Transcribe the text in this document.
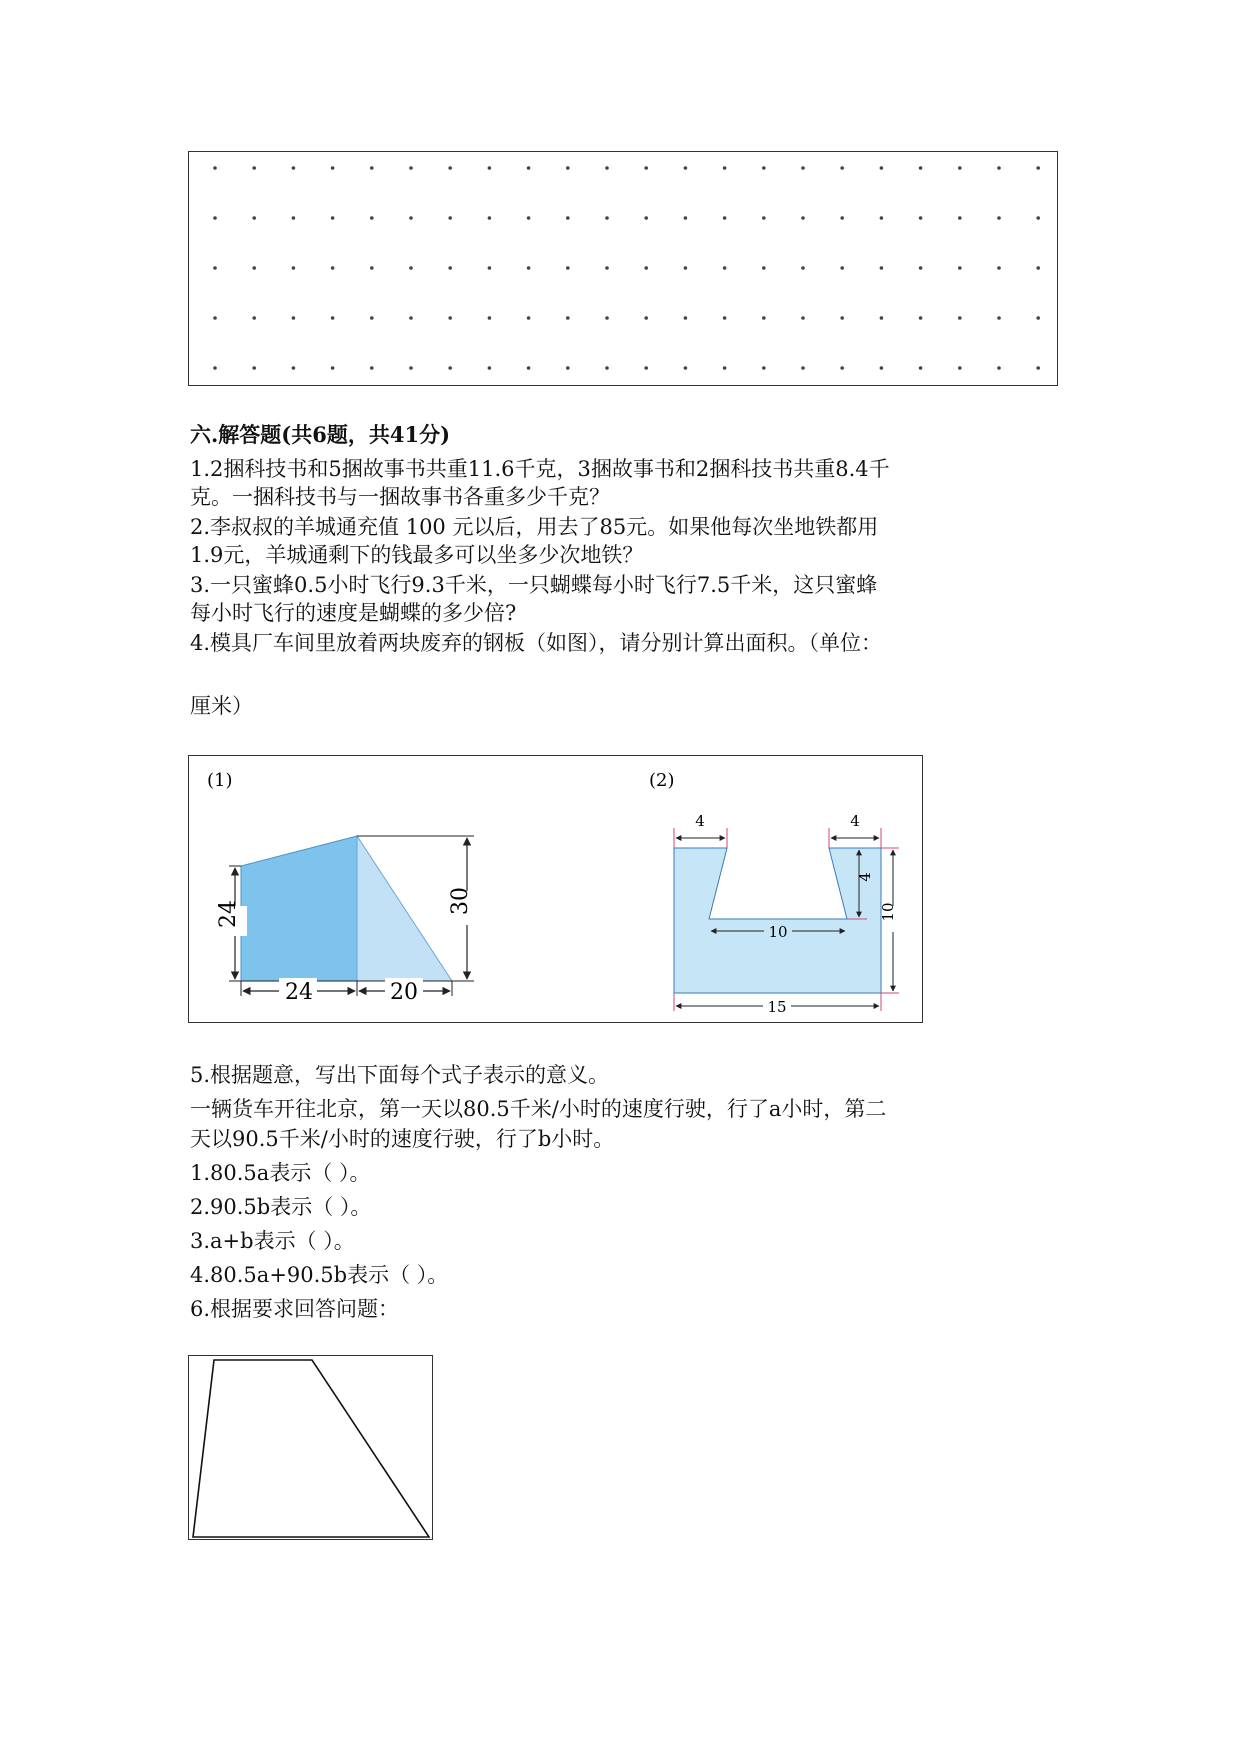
六.解答题(共6题，共41分)
1.2捆科技书和5捆故事书共重11.6千克，3捆故事书和2捆科技书共重8.4千
克。一捆科技书与一捆故事书各重多少千克？
2.李叔叔的羊城通充值 100 元以后，用去了85元。如果他每次坐地铁都用
1.9元，羊城通剩下的钱最多可以坐多少次地铁？
3.一只蜜蜂0.5小时飞行9.3千米，一只蝴蝶每小时飞行7.5千米，这只蜜蜂
每小时飞行的速度是蝴蝶的多少倍?
4.模具厂车间里放着两块废弃的钢板（如图），请分别计算出面积。（单位：
厘米）
(1)
24	30
24	20
(2)
4	4
4
10
10
15
5.根据题意，写出下面每个式子表示的意义。
一辆货车开往北京，第一天以80.5千米/小时的速度行驶，行了a小时，第二
天以90.5千米/小时的速度行驶，行了b小时。
1.80.5a表示（ ）。
2.90.5b表示（ ）。
3.a+b表示（ ）。
4.80.5a+90.5b表示（ ）。
6.根据要求回答问题：
